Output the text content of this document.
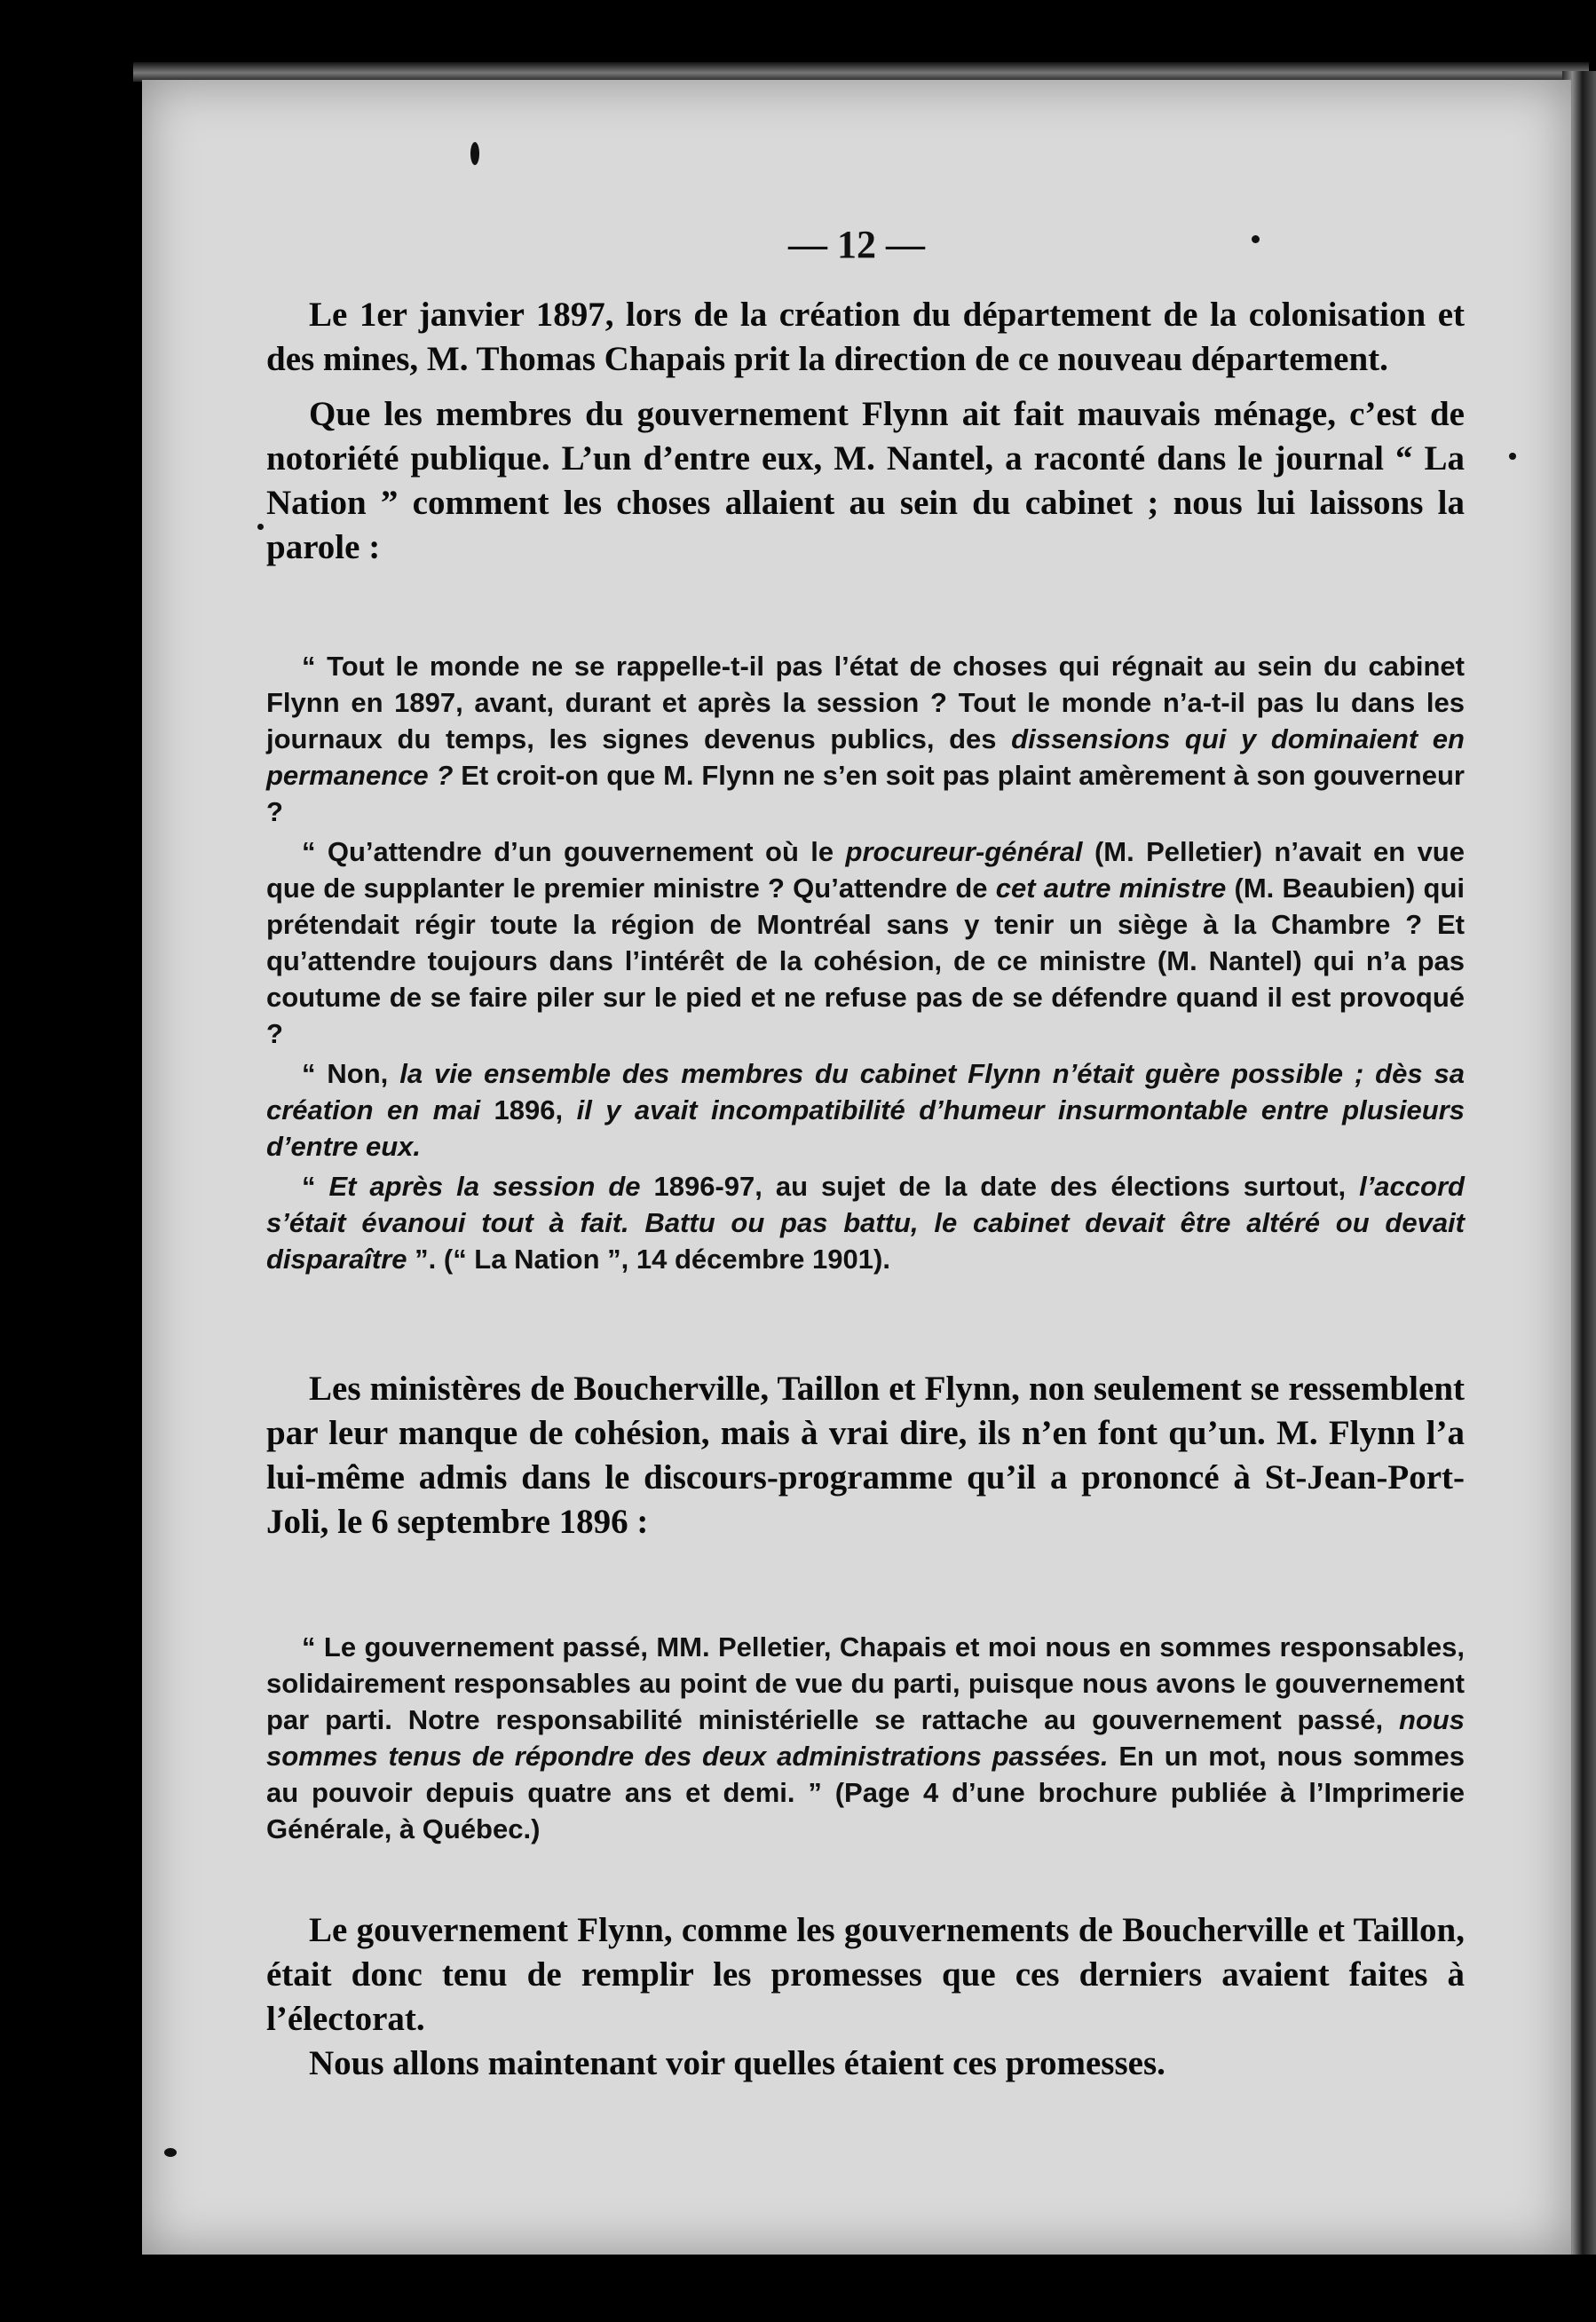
— 12 —

Le 1er janvier 1897, lors de la création du département de la colonisation et des mines, M. Thomas Chapais prit la direction de ce nouveau département.

Que les membres du gouvernement Flynn ait fait mauvais ménage, c’est de notoriété publique. L’un d’entre eux, M. Nantel, a raconté dans le journal “ La Nation ” comment les choses allaient au sein du cabinet ; nous lui laissons la parole :

“ Tout le monde ne se rappelle-t-il pas l’état de choses qui régnait au sein du cabinet Flynn en 1897, avant, durant et après la session ? Tout le monde n’a-t-il pas lu dans les journaux du temps, les signes devenus publics, des dissensions qui y dominaient en permanence ? Et croit-on que M. Flynn ne s’en soit pas plaint amèrement à son gouverneur ?

“ Qu’attendre d’un gouvernement où le procureur-général (M. Pelletier) n’avait en vue que de supplanter le premier ministre ? Qu’attendre de cet autre ministre (M. Beaubien) qui prétendait régir toute la région de Montréal sans y tenir un siège à la Chambre ? Et qu’attendre toujours dans l’intérêt de la cohésion, de ce ministre (M. Nantel) qui n’a pas coutume de se faire piler sur le pied et ne refuse pas de se défendre quand il est provoqué ?

“ Non, la vie ensemble des membres du cabinet Flynn n’était guère possible ; dès sa création en mai 1896, il y avait incompatibilité d’humeur insurmontable entre plusieurs d’entre eux.

“ Et après la session de 1896-97, au sujet de la date des élections surtout, l’accord s’était évanoui tout à fait. Battu ou pas battu, le cabinet devait être altéré ou devait disparaître ”. (“ La Nation ”, 14 décembre 1901).

Les ministères de Boucherville, Taillon et Flynn, non seulement se ressemblent par leur manque de cohésion, mais à vrai dire, ils n’en font qu’un. M. Flynn l’a lui-même admis dans le discours-programme qu’il a prononcé à St-Jean-Port-Joli, le 6 septembre 1896 :

“ Le gouvernement passé, MM. Pelletier, Chapais et moi nous en sommes responsables, solidairement responsables au point de vue du parti, puisque nous avons le gouvernement par parti. Notre responsabilité ministérielle se rattache au gouvernement passé, nous sommes tenus de répondre des deux administrations passées. En un mot, nous sommes au pouvoir depuis quatre ans et demi. ” (Page 4 d’une brochure publiée à l’Imprimerie Générale, à Québec.)

Le gouvernement Flynn, comme les gouvernements de Boucherville et Taillon, était donc tenu de remplir les promesses que ces derniers avaient faites à l’électorat.

Nous allons maintenant voir quelles étaient ces promesses.
